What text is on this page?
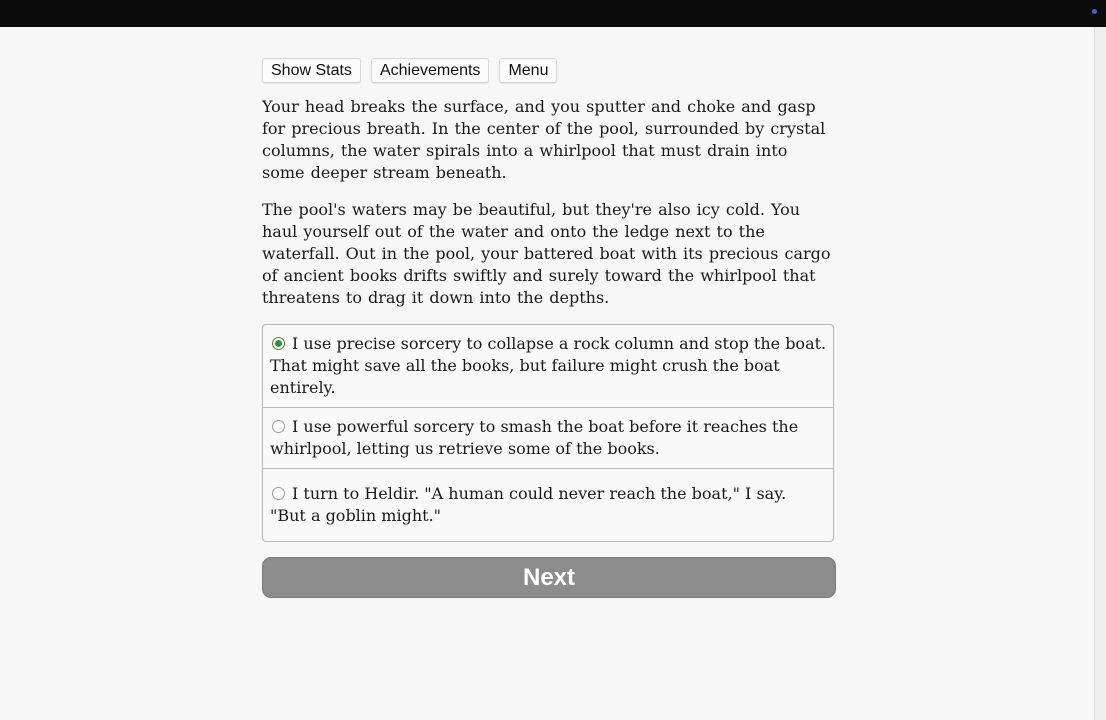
Show Stats	Achievements	Menu

Your head breaks the surface, and you sputter and choke and gasp for precious breath. In the center of the pool, surrounded by crystal columns, the water spirals into a whirlpool that must drain into some deeper stream beneath.

The pool's waters may be beautiful, but they're also icy cold. You haul yourself out of the water and onto the ledge next to the waterfall. Out in the pool, your battered boat with its precious cargo of ancient books drifts swiftly and surely toward the whirlpool that threatens to drag it down into the depths.

I use precise sorcery to collapse a rock column and stop the boat. That might save all the books, but failure might crush the boat entirely.
I use powerful sorcery to smash the boat before it reaches the whirlpool, letting us retrieve some of the books.
I turn to Heldir. "A human could never reach the boat," I say. "But a goblin might."
Next
